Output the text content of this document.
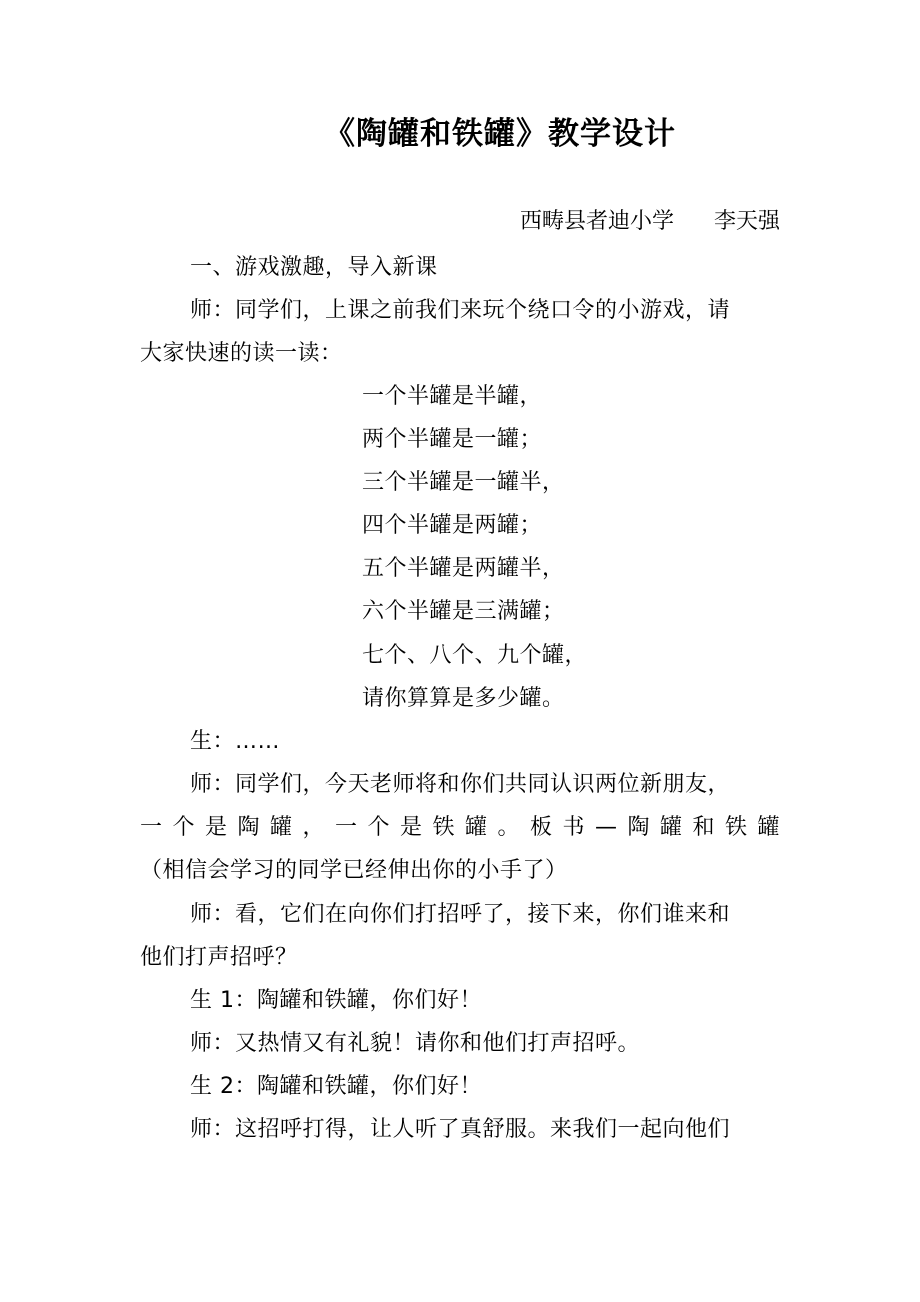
《陶罐和铁罐》教学设计
西畴县者迪小学 李天强
一、游戏激趣，导入新课
师：同学们，上课之前我们来玩个绕口令的小游戏，请
大家快速的读一读：
一个半罐是半罐，
两个半罐是一罐；
三个半罐是一罐半，
四个半罐是两罐；
五个半罐是两罐半，
六个半罐是三满罐；
七个、八个、九个罐，
请你算算是多少罐。
生：……
师：同学们，今天老师将和你们共同认识两位新朋友，
一 个 是 陶 罐 ， 一 个 是 铁 罐 。 板 书 — 陶 罐 和 铁 罐
（相信会学习的同学已经伸出你的小手了）
师：看，它们在向你们打招呼了，接下来，你们谁来和
他们打声招呼？
生 1：陶罐和铁罐，你们好！
师：又热情又有礼貌！请你和他们打声招呼。
生 2：陶罐和铁罐，你们好！
师：这招呼打得，让人听了真舒服。来我们一起向他们
